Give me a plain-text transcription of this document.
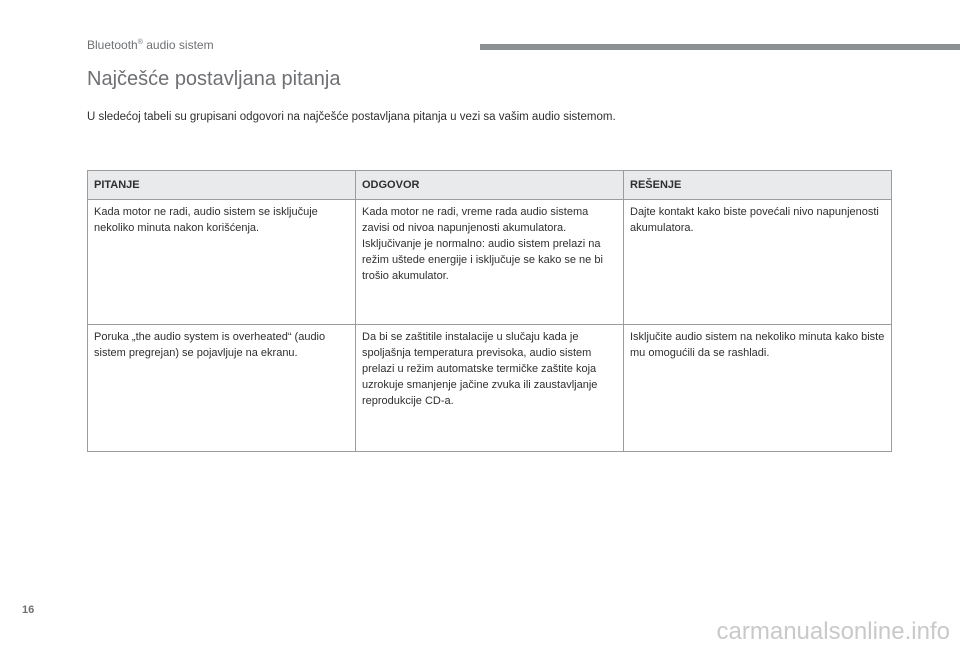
Bluetooth® audio sistem
Najčešće postavljana pitanja

U sledećoj tabeli su grupisani odgovori na najčešće postavljana pitanja u vezi sa vašim audio sistemom.

PITANJE	ODGOVOR	REŠENJE
Kada motor ne radi, audio sistem se isključuje nekoliko minuta nakon korišćenja.	Kada motor ne radi, vreme rada audio sistema zavisi od nivoa napunjenosti akumulatora. Isključivanje je normalno: audio sistem prelazi na režim uštede energije i isključuje se kako se ne bi trošio akumulator.	Dajte kontakt kako biste povećali nivo napunjenosti akumulatora.
Poruka „the audio system is overheated“ (audio sistem pregrejan) se pojavljuje na ekranu.	Da bi se zaštitile instalacije u slučaju kada je spoljašnja temperatura previsoka, audio sistem prelazi u režim automatske termičke zaštite koja uzrokuje smanjenje jačine zvuka ili zaustavljanje reprodukcije CD-a.	Isključite audio sistem na nekoliko minuta kako biste mu omogućili da se rashladi.
16
carmanualsonline.info
